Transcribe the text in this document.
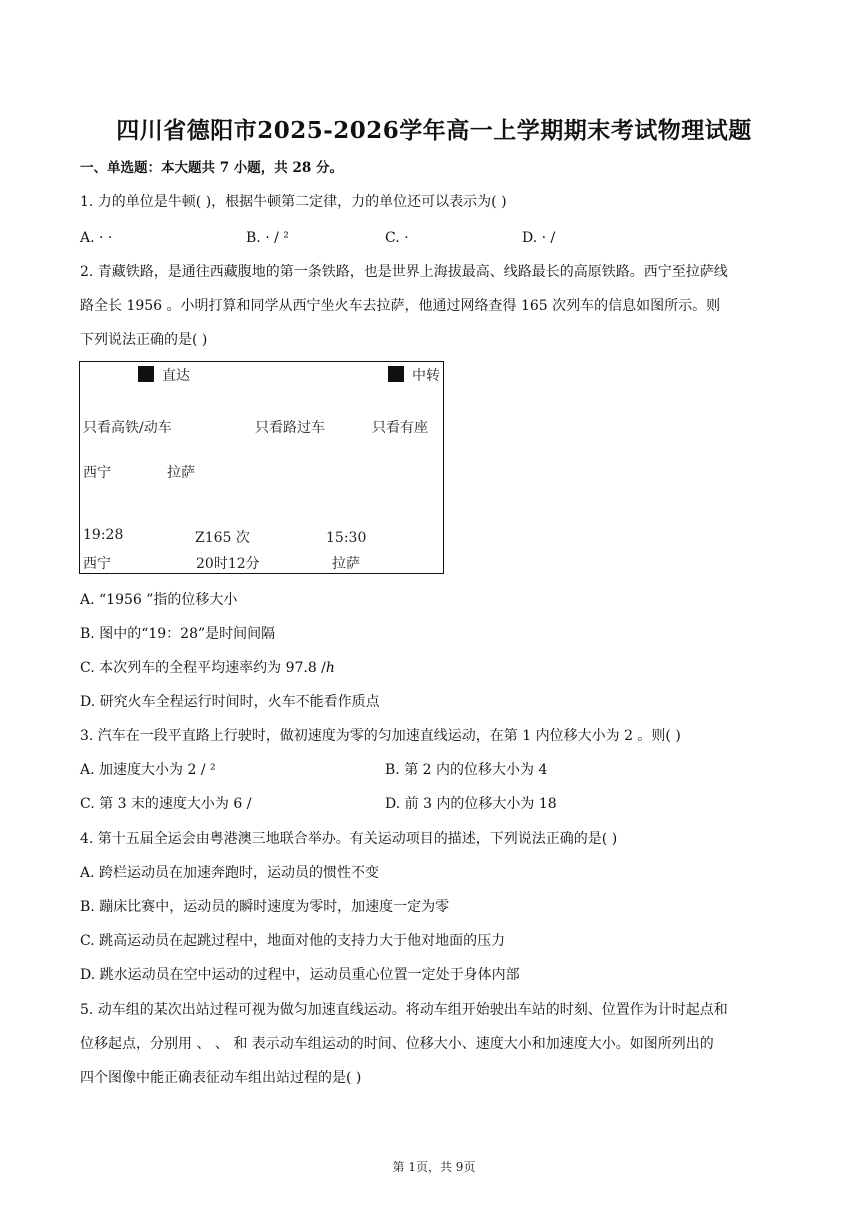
四川省德阳市2025-2026学年高一上学期期末考试物理试题
一、单选题：本大题共 7 小题，共 28 分。
1. 力的单位是牛顿( )，根据牛顿第二定律，力的单位还可以表示为( )
A. · ·	B. · / ²	C. ·	D. · /
2. 青藏铁路，是通往西藏腹地的第一条铁路，也是世界上海拔最高、线路最长的高原铁路。西宁至拉萨线
路全长 1956 。小明打算和同学从西宁坐火车去拉萨，他通过网络查得 165 次列车的信息如图所示。则
下列说法正确的是( )
直达	中转
只看高铁/动车	只看路过车	只看有座
西宁	拉萨
19:28	Z165 次	15:30
西宁	20时12分	拉萨
A. “1956 ”指的位移大小
B. 图中的“19：28”是时间间隔
C. 本次列车的全程平均速率约为 97.8 /ℎ
D. 研究火车全程运行时间时，火车不能看作质点
3. 汽车在一段平直路上行驶时，做初速度为零的匀加速直线运动，在第 1 内位移大小为 2 。则( )
A. 加速度大小为 2 / ²	B. 第 2 内的位移大小为 4
C. 第 3 末的速度大小为 6 /	D. 前 3 内的位移大小为 18
4. 第十五届全运会由粤港澳三地联合举办。有关运动项目的描述，下列说法正确的是( )
A. 跨栏运动员在加速奔跑时，运动员的惯性不变
B. 蹦床比赛中，运动员的瞬时速度为零时，加速度一定为零
C. 跳高运动员在起跳过程中，地面对他的支持力大于他对地面的压力
D. 跳水运动员在空中运动的过程中，运动员重心位置一定处于身体内部
5. 动车组的某次出站过程可视为做匀加速直线运动。将动车组开始驶出车站的时刻、位置作为计时起点和
位移起点，分别用 、 、 和 表示动车组运动的时间、位移大小、速度大小和加速度大小。如图所列出的
四个图像中能正确表征动车组出站过程的是( )
第 1页，共 9页
